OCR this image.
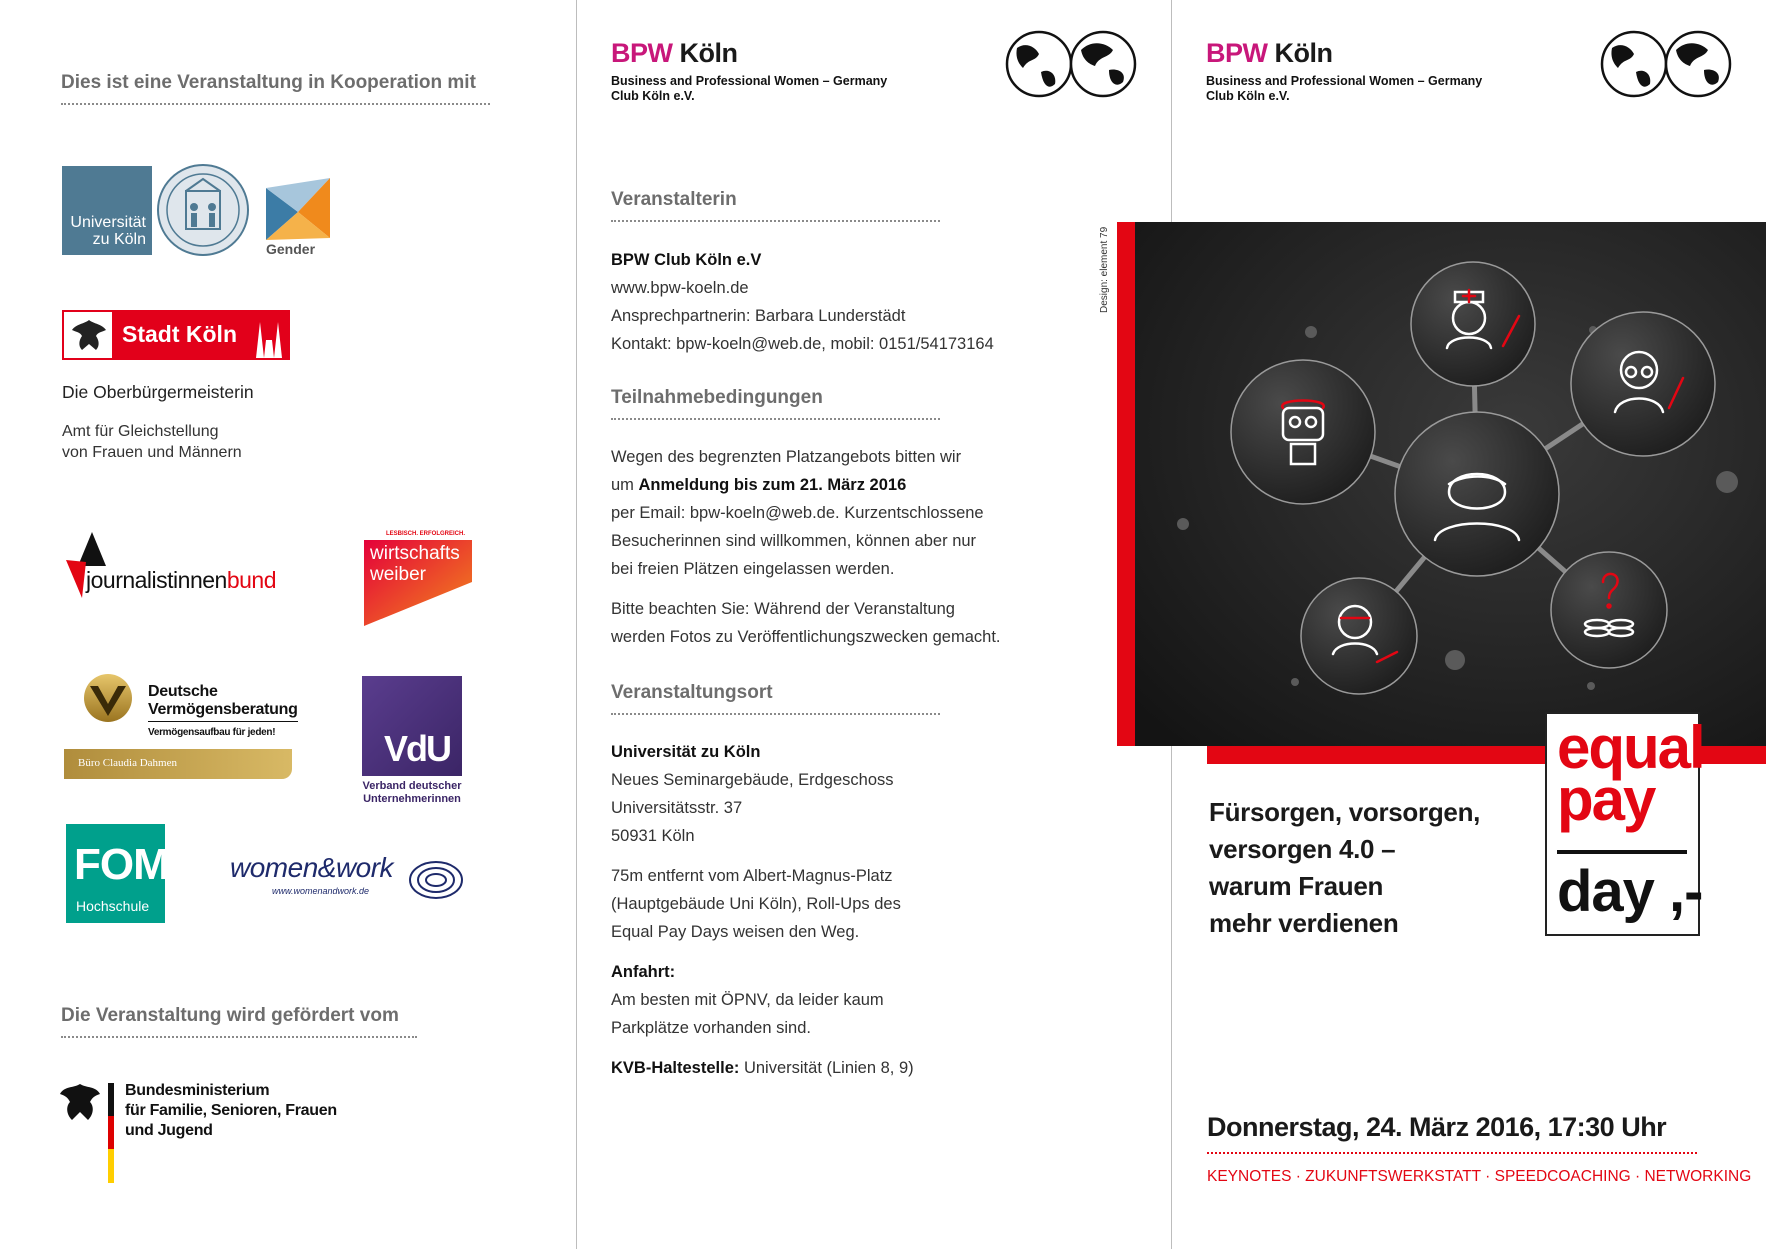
Dies ist eine Veranstaltung in Kooperation mit
Universität
zu Köln
Gender
Stadt Köln
Die Oberbürgermeisterin
Amt für Gleichstellung
von Frauen und Männern
journalistinnenbund
LESBISCH. ERFOLGREICH.
wirtschafts
weiber
Deutsche
Vermögensberatung
Vermögensaufbau für jeden!
Büro Claudia Dahmen	VdU
Verband deutscher
Unternehmerinnen
FOM
Hochschule
women&work
www.womenandwork.de
Die Veranstaltung wird gefördert vom
Bundesministerium
für Familie, Senioren, Frauen
und Jugend
BPW Köln
Business and Professional Women – Germany
Club Köln e.V.
Veranstalterin
BPW Club Köln e.V
www.bpw-koeln.de
Ansprechpartnerin: Barbara Lunderstädt
Kontakt: bpw-koeln@web.de, mobil: 0151/54173164
Teilnahmebedingungen
Wegen des begrenzten Platzangebots bitten wir
um Anmeldung bis zum 21. März 2016
per Email: bpw-koeln@web.de. Kurzentschlossene
Besucherinnen sind willkommen, können aber nur
bei freien Plätzen eingelassen werden.
Bitte beachten Sie: Während der Veranstaltung
werden Fotos zu Veröffentlichungszwecken gemacht.
Veranstaltungsort
Universität zu Köln
Neues Seminargebäude, Erdgeschoss
Universitätsstr. 37
50931 Köln
75m entfernt vom Albert-Magnus-Platz
(Hauptgebäude Uni Köln), Roll-Ups des
Equal Pay Days weisen den Weg.
Anfahrt:
Am besten mit ÖPNV, da leider kaum
Parkplätze vorhanden sind.
KVB-Haltestelle: Universität (Linien 8, 9)
Design: element 79
BPW Köln
Business and Professional Women – Germany
Club Köln e.V.
equal
pay
day ,-
Fürsorgen, vorsorgen,
versorgen 4.0 –
warum Frauen
mehr verdienen
Donnerstag, 24. März 2016, 17:30 Uhr
KEYNOTES · ZUKUNFTSWERKSTATT · SPEEDCOACHING · NETWORKING
